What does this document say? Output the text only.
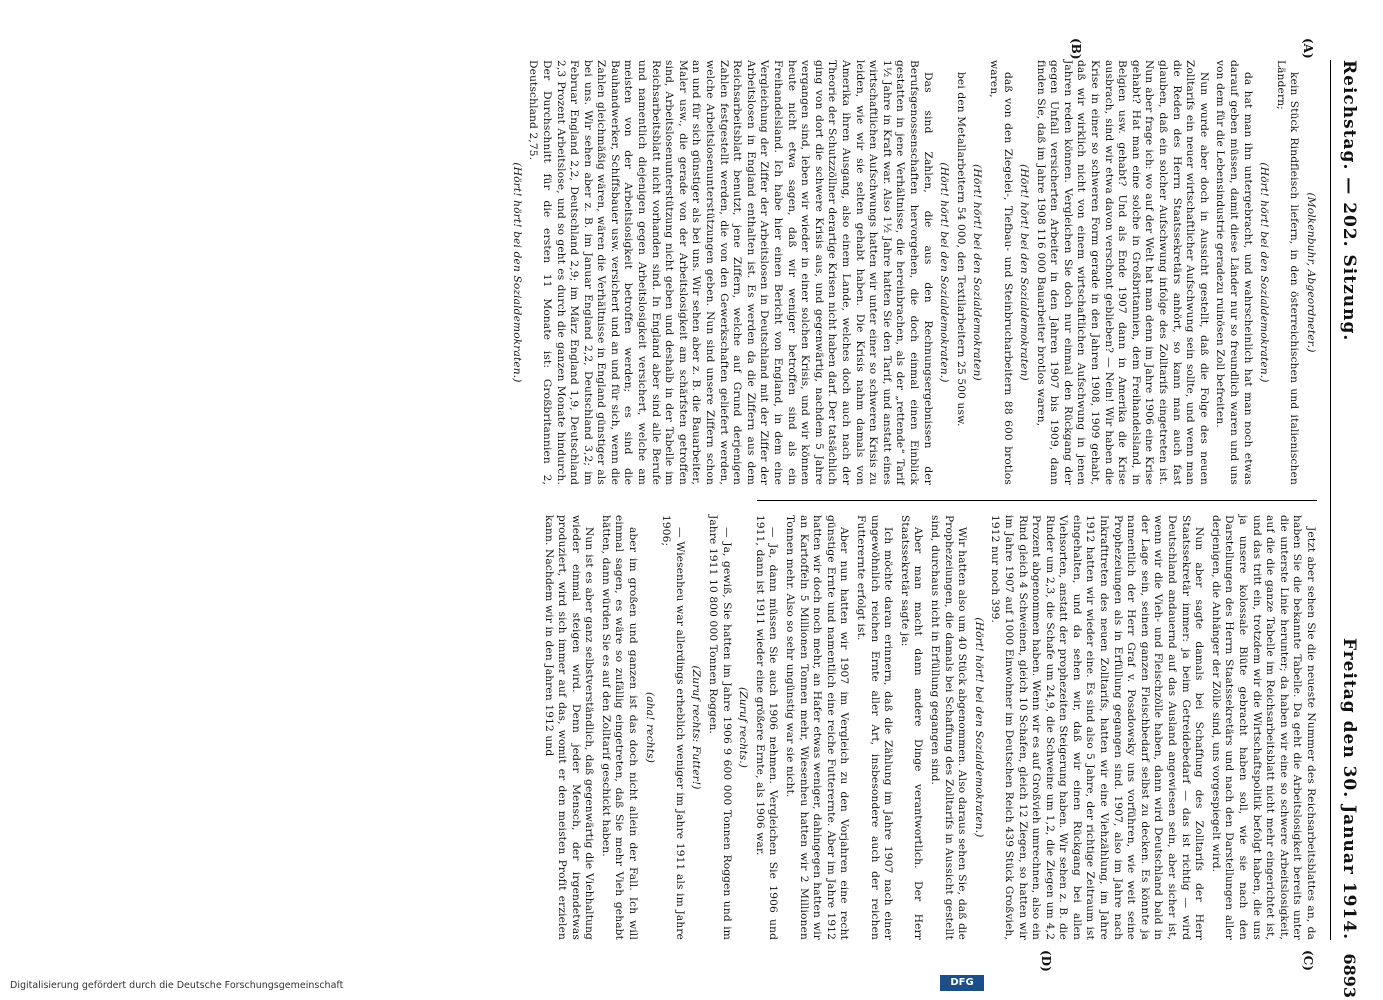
Reichstag. — 202. Sitzung.
Freitag den 30. Januar 1914.
6893
(A)
(B)
(C)
(D)

(Molkenbuhr, Abgeordneter.)

kein Stück Rindfleisch liefern, in den österreichischen und italienischen Ländern;

(Hört! hört! bei den Sozialdemokraten.)

da hat man ihn untergebracht, und wahrscheinlich hat man noch etwas darauf geben müssen, damit diese Länder nur so freundlich waren und uns von dem für die Lebensindustrie geradezu ruinösen Zoll befreiten.

Nun wurde aber doch in Aussicht gestellt, daß die Folge des neuen Zolltarifs ein neuer wirtschaftlicher Aufschwung sein sollte, und wenn man die Reden des Herrn Staatssekretärs anhört, so kann man auch fast glauben, daß ein solcher Aufschwung infolge des Zolltarifs eingetreten ist. Nun aber frage ich: wo auf der Welt hat man denn im Jahre 1906 eine Krise gehabt? Hat man eine solche in Großbritannien, dem Freihandelsland, in Belgien usw. gehabt? Und als Ende 1907 dann in Amerika die Krise ausbrach, sind wir etwa davon verschont geblieben? — Nein! Wir haben die Krise in einer so schweren Form gerade in den Jahren 1908, 1909 gehabt, daß wir wirklich nicht von einem wirtschaftlichen Aufschwung in jenen Jahren reden können. Vergleichen Sie doch nur einmal den Rückgang der gegen Unfall versicherten Arbeiter in den Jahren 1907 bis 1909, dann finden Sie, daß im Jahre 1908 116 000 Bauarbeiter brotlos waren,

(Hört! hört! bei den Sozialdemokraten)

daß von den Ziegelei-, Tiefbau- und Steinbrucharbeitern 88 600 brotlos waren,

(Hört! hört! bei den Sozialdemokraten)

bei den Metallarbeitern 54 000, den Textilarbeitern 25 500 usw.

(Hört! hört! bei den Sozialdemokraten.)

Das sind Zahlen, die aus den Rechnungsergebnissen der Berufsgenossenschaften hervorgehen, die doch einmal einen Einblick gestatten in jene Verhältnisse, die hereinbrachen, als der „rettende“ Tarif 1½ Jahre in Kraft war. Also 1½ Jahre hatten Sie den Tarif, und anstatt eines wirtschaftlichen Aufschwungs hatten wir unter einer so schweren Krisis zu leiden, wie wir sie selten gehabt haben. Die Krisis nahm damals von Amerika ihren Ausgang, also einem Lande, welches doch auch nach der Theorie der Schutzzöllner derartige Krisen nicht haben darf. Der tatsächlich ging von dort die schwere Krisis aus, und gegenwärtig, nachdem 5 Jahre vergangen sind, leben wir wieder in einer solchen Krisis, und wir können heute nicht etwa sagen, daß wir weniger betroffen sind als ein Freihandelsland. Ich habe hier einen Bericht von England, in dem eine Vergleichung der Ziffer der Arbeitslosen in Deutschland mit der Ziffer der Arbeitslosen in England enthalten ist. Es werden da die Ziffern aus dem Reichsarbeitsblatt benutzt, jene Ziffern, welche auf Grund derjenigen Zahlen festgestellt werden, die von den Gewerkschaften geliefert werden, welche Arbeitslosenunterstützungen geben. Nun sind unsere Ziffern schon an und für sich günstiger als bei uns. Wir sehen aber z. B. die Bauarbeiter, Maler usw., die gerade von der Arbeitslosigkeit am schärfsten getroffen sind, Arbeitslosenunterstützung nicht geben und deshalb in der Tabelle im Reichsarbeitsblatt nicht vorhanden sind. In England aber sind alle Berufe und namentlich diejenigen gegen Arbeitslosigkeit versichert, welche am meisten von der Arbeitslosigkeit betroffen werden; es sind die Bauhandwerker, Schiffsbauer usw. versichert und an und für sich, wenn die Zahlen gleichmäßig wären, wären die Verhältnisse in England günstiger als bei uns. Wir sehen aber z. B. im Januar England 2,2, Deutschland 3,2; im Februar England 2,2, Deutschland 2,9; im März England 1,9, Deutschland 2,3 Prozent Arbeitslose, und so geht es durch die ganzen Monate hindurch. Der Durchschnitt für die ersten 11 Monate ist: Großbritannien 2, Deutschland 2,75.

(Hört! hört! bei den Sozialdemokraten.)

Jetzt aber sehen Sie die neueste Nummer des Reichsarbeitsblattes an, da haben Sie die bekannte Tabelle. Da geht die Arbeitslosigkeit bereits unter die unterste Linie herunter; da haben wir eine so schwere Arbeitslosigkeit, auf die die ganze Tabelle im Reichsarbeitsblatt nicht mehr eingerichtet ist, und das tritt ein, trotzdem wir die Wirtschaftspolitik befolgt haben, die uns ja unsere kolossale Blüte gebracht haben soll, wie sie nach den Darstellungen des Herrn Staatssekretärs und nach den Darstellungen aller derjenigen, die Anhänger der Zölle sind, uns vorgespiegelt wird.

Nun aber sagte damals bei Schaffung des Zolltarifs der Herr Staatssekretär immer: ja beim Getreidebedarf — das ist richtig — wird Deutschland andauernd auf das Ausland angewiesen sein, aber sicher ist, wenn wir die Vieh- und Fleischzölle haben, dann wird Deutschland bald in der Lage sein, seinen ganzen Fleischbedarf selbst zu decken. Es könnte ja namentlich der Herr Graf v. Posadowsky uns vorführen, wie weit seine Prophezeiungen als in Erfüllung gegangen sind. 1907, also im Jahre nach Inkrafttreten des neuen Zolltarifs, hatten wir eine Viehzählung, im Jahre 1912 hatten wir wieder eine. Es sind also 5 Jahre, der richtige Zeitraum ist eingehalten, und da sehen wir, daß wir einen Rückgang bei allen Viehsorten, anstatt der prophezeiten Steigerung haben. Wir sehen z. B. die Rinder um 2,3, die Schafe um 24,9, die Schweine um 1,2, die Ziegen um 4,2 Prozent abgenommen haben. Wenn wir es auf Großvieh umrechnen, also ein Rind gleich 4 Schweinen, gleich 10 Schafen, gleich 12 Ziegen, so hatten wir im Jahre 1907 auf 1000 Einwohner im Deutschen Reich 439 Stück Großvieh, 1912 nur noch 399.

(Hört! hört! bei den Sozialdemokraten.)

Wir hatten also um 40 Stück abgenommen. Also daraus sehen Sie, daß die Prophezeiungen, die damals bei Schaffung des Zolltarifs in Aussicht gestellt sind, durchaus nicht in Erfüllung gegangen sind.

Aber man macht dann andere Dinge verantwortlich. Der Herr Staatssekretär sagte ja:

Ich möchte daran erinnern, daß die Zählung im Jahre 1907 nach einer ungewöhnlich reichen Ernte aller Art, insbesondere auch der reichen Futterernte erfolgt ist.

Aber nun hatten wir 1907 im Vergleich zu den Vorjahren eine recht günstige Ernte und namentlich eine reiche Futterernte. Aber im Jahre 1912 hatten wir doch noch mehr, an Hafer etwas weniger, dahingegen hatten wir an Kartoffeln 5 Millionen Tonnen mehr, Wiesenheu hatten wir 2 Millionen Tonnen mehr. Also so sehr ungünstig war sie nicht.

— Ja, dann müssen Sie auch 1906 nehmen. Vergleichen Sie 1906 und 1911, dann ist 1911 wieder eine größere Ernte, als 1906 war.

(Zuruf rechts.)

— Ja, gewiß, Sie hatten im Jahre 1906 9 600 000 Tonnen Roggen und im Jahre 1911 10 800 000 Tonnen Roggen.

(Zuruf rechts: Futter!)

— Wiesenheu war allerdings erheblich weniger im Jahre 1911 als im Jahre 1906;

(aha! rechts)

aber im großen und ganzen ist das doch nicht allein der Fall. Ich will einmal sagen, es wäre so zufällig eingetreten, daß Sie mehr Vieh gehabt hätten, dann würden Sie es auf den Zolltarif geschickt haben.

Nun ist es aber ganz selbstverständlich, daß gegenwärtig die Viehhaltung wieder einmal steigen wird. Denn jeder Mensch, der irgendetwas produziert, wird sich immer auf das, womit er den meisten Profit erzielen kann. Nachdem wir in den Jahren 1912 und

Digitalisierung gefördert durch die Deutsche Forschungsgemeinschaft	DFG
